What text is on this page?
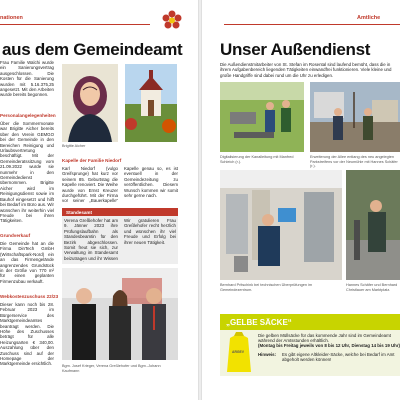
nationen
aus dem Gemeindeamt
Frau Familie Walchi wurde ein Sanierungsvertrag ausgeschlossen. Die Kosten für die Sanierung wurden mit 5.16.375,25 angesetzt. Mit den Arbeiten wurde bereits begonnen.
Personalangelegenheiten
Über die Sommermonate war Brigitte Aicher bereits über den Verein GEMGO bei der Gemeinde in den Bereichen Reinigung und Urlaubsvertretung beschäftigt. Mit der Gemeinderatssitzung vom 21.09.2022 wurde sie nunmehr in den Gemeindedienst übernommen. Brigitte Aicher wird im Reinigungsdienst sowie im Bauhof eingesetzt und hilft bei Bedarf im Büro aus. Wir wünschen ihr weiterhin viel Freude bei ihren Tätigkeiten.
Grundverkauf
Die Gemeinde hat an die Firma DinTech GmbH (Wirtschaftspark-Nord) ein an das Firmengelände angrenzendes Grundstück in der Größe von 770 m² für einen geplanten Firmenzubau verkauft.
Webkostenzuschuss 22/23
Dieser kann noch bis 28. Februar 2023 im Bürgerservice des Marktgemeindeamtes beantragt werden. Die Höhe des Zuschusses beträgt für alle Heizungsarten € 340,00. Auszahlung über den Zuschuss sind auf der Homepage der Marktgemeinde ersichtlich.
Brigitte Aicher
Kapelle der Familie Niedorf
Karl Niedorf (vulgo Greifsprunge) hat kurz vor seinem 85. Geburtstag die Kapelle renoviert. Die Weihe wurde von Ernst Kreuzer durchgeführt. Mit der Firma vor seiner „Bauerkapelle“
Kapelle genau so, es ist eventuell in der Gemeindezeitung zu veröffentlichen. Diesem Wunsch kommen wir somit sehr gerne nach.
Standesamt
Verena Greßlehofer hat am 9. Jänner 2023 ihre Prüfungslaufbahn als Standesbeamtin für den Bezirk abgeschlossen. Somit freut sie sich, zur Verwaltung im Standesamt beizutragen und ihr Wissen
Wir gratulieren Frau Greßlehofer recht herzlich und wünschen ihr viel Freude und Erfolg bei ihrer neuen Tätigkeit.
Bgm. Josef Krieger, Verena Greßlehofer und Bgm.-Johann Kaufmann
Amtliche
Unser Außendienst
Die Außendienstmitarbeiter von St. Stefan im Rosental sind laufend bemüht, dass die in ihrem Aufgabenbereich liegenden Tätigkeiten einwandfrei funktionieren. Viele kleine und große Handgriffe sind dabei rund um die Uhr zu erledigen.
Digitalisierung der Kanalleitung mit Manfred Schleich (r.).
Erweiterung der Allee entlang des neu angelegten Parkstreifens vor der Neumühle mit Hannes Schäfer (r.).
Bernhard Pritschink bei technischen Überprüfungen im Gemeindezentrum.
Hannes Schäfer und Bernhard Christlauer am Marktplatz.
„GELBE SÄCKE“
ARGEV
Die gelben Müllsäcke für das kommende Jahr sind im Gemeindeamt während der Amtsstunden erhältlich.
(Montag bis Freitag jeweils von 8 bis 12 Uhr, Dienstag 14 bis 19 Uhr)
Hinweis:	Es gibt eigene Altkleider-Säcke, welche bei Bedarf im Amt abgeholt werden können!
